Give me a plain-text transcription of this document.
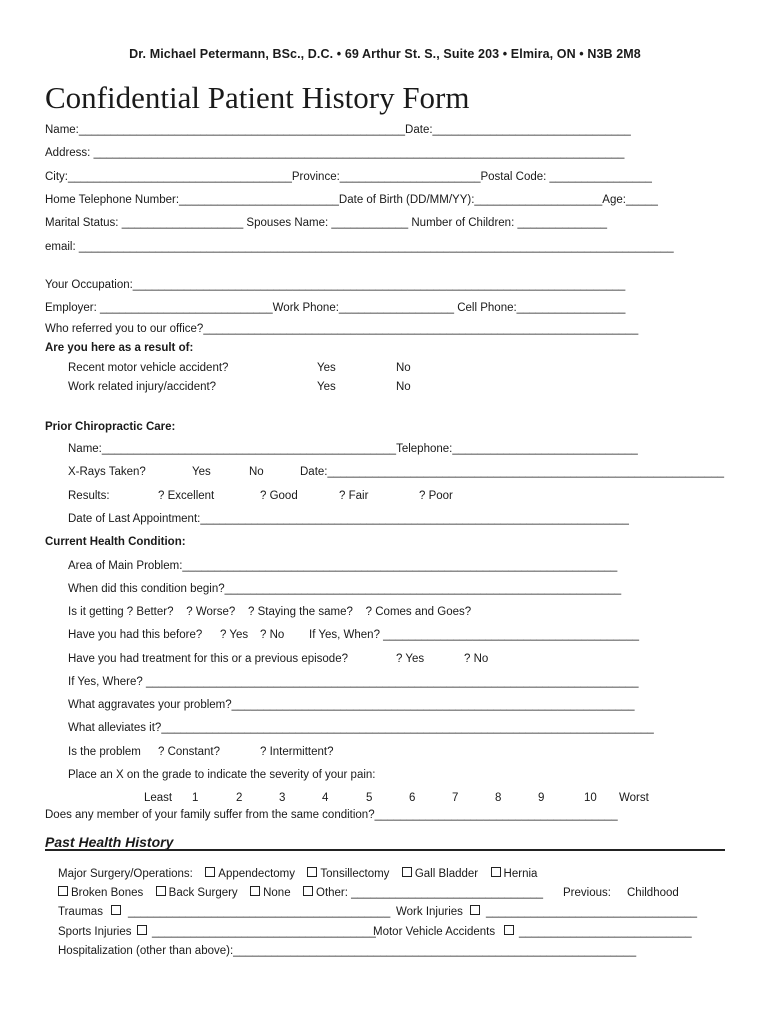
Dr. Michael Petermann, BSc., D.C. • 69 Arthur St. S., Suite 203 • Elmira, ON • N3B 2M8
Confidential Patient History Form
Name:___________________________________________________Date:_______________________________
Address: ___________________________________________________________________________________
City:___________________________________Province:______________________Postal Code: ________________
Home Telephone Number:_________________________Date of Birth (DD/MM/YY):____________________Age:_____
Marital Status: ___________________ Spouses Name: ____________ Number of Children: ______________
email: _____________________________________________________________________________________________
Your Occupation:_____________________________________________________________________________
Employer: ___________________________Work Phone:__________________ Cell Phone:_________________
Who referred you to our office?____________________________________________________________________
Are you here as a result of:
Recent motor vehicle accident?	Yes	No
Work related injury/accident?	Yes	No
Prior Chiropractic Care:
Name:______________________________________________Telephone:_____________________________
X-Rays Taken?	Yes	No	Date:______________________________________________________________
Results:	? Excellent	? Good	? Fair	? Poor
Date of Last Appointment:___________________________________________________________________
Current Health Condition:
Area of Main Problem:____________________________________________________________________
When did this condition begin?______________________________________________________________
Is it getting ? Better?    ? Worse?    ? Staying the same?    ? Comes and Goes?
Have you had this before? ? Yes ? No If Yes, When? ________________________________________
Have you had treatment for this or a previous episode?	? Yes	? No
If Yes, Where? _____________________________________________________________________________
What aggravates your problem?_______________________________________________________________
What alleviates it?_____________________________________________________________________________
Is the problem ? Constant?	? Intermittent?
Place an X on the grade to indicate the severity of your pain:
Least 1	2	3	4	5	6	7	8	9	10 Worst
Does any member of your family suffer from the same condition?______________________________________
Past Health History
Major Surgery/Operations: Appendectomy Tonsillectomy Gall Bladder Hernia
Broken Bones Back Surgery None Other: ______________________________ Previous: Childhood
Traumas _________________________________________ Work Injuries _________________________________
Sports Injuries ___________________________________
Motor Vehicle Accidents ___________________________
Hospitalization (other than above):_______________________________________________________________
